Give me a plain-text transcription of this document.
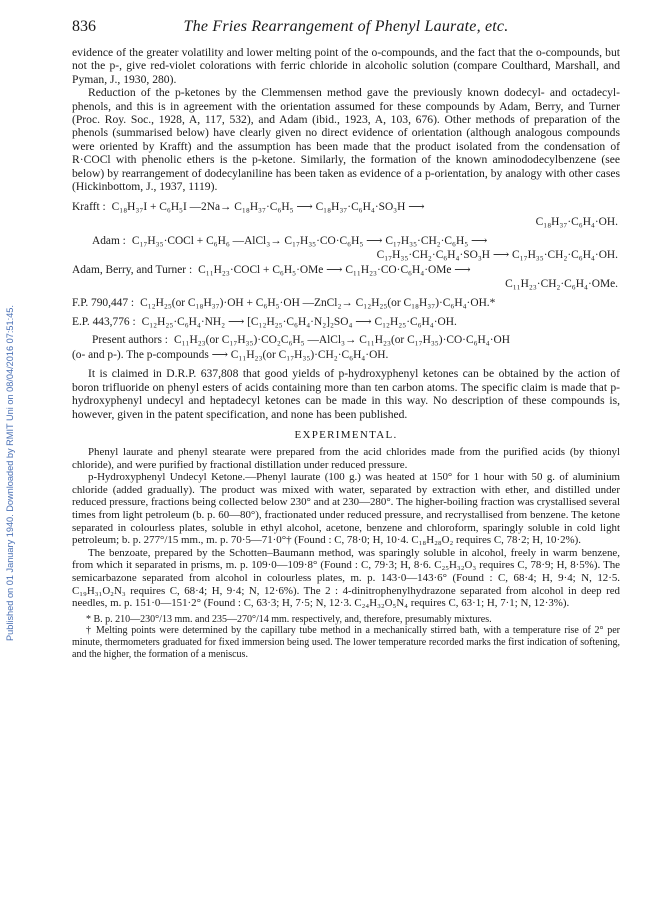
Published on 01 January 1940. Downloaded by RMIT Uni on 08/04/2016 07:51:45.
836	The Fries Rearrangement of Phenyl Laurate, etc.

evidence of the greater volatility and lower melting point of the o-compounds, and the fact that the o-compounds, but not the p-, give red-violet colorations with ferric chloride in alcoholic solution (compare Coulthard, Marshall, and Pyman, J., 1930, 280).

Reduction of the p-ketones by the Clemmensen method gave the previously known dodecyl- and octadecyl-phenols, and this is in agreement with the orientation assumed for these compounds by Adam, Berry, and Turner (Proc. Roy. Soc., 1928, A, 117, 532), and Adam (ibid., 1923, A, 103, 676). Other methods of preparation of the phenols (summarised below) have clearly given no direct evidence of orientation (although analogous compounds were oriented by Krafft) and the assumption has been made that the product isolated from the condensation of R·COCl with phenolic ethers is the p-ketone. Similarly, the formation of the known aminododecylbenzene (see below) by rearrangement of dodecylaniline has been taken as evidence of a p-orientation, by analogy with other cases (Hickinbottom, J., 1937, 1119).

Krafft : C₁₈H₃₇I + C₆H₅I —2Na→ C₁₈H₃₇·C₆H₅ ⟶ C₁₈H₃₇·C₆H₄·SO₃H ⟶
C₁₈H₃₇·C₆H₄·OH.
Adam : C₁₇H₃₅·COCl + C₆H₆ —AlCl₃→ C₁₇H₃₅·CO·C₆H₅ ⟶ C₁₇H₃₅·CH₂·C₆H₅ ⟶
C₁₇H₃₅·CH₂·C₆H₄·SO₃H ⟶ C₁₇H₃₅·CH₂·C₆H₄·OH.
Adam, Berry, and Turner : C₁₁H₂₃·COCl + C₆H₅·OMe ⟶ C₁₁H₂₃·CO·C₆H₄·OMe ⟶
C₁₁H₂₃·CH₂·C₆H₄·OMe.
F.P. 790,447 : C₁₂H₂₅(or C₁₈H₃₇)·OH + C₆H₅·OH —ZnCl₂→ C₁₂H₂₅(or C₁₈H₃₇)·C₆H₄·OH.*
E.P. 443,776 : C₁₂H₂₅·C₆H₄·NH₂ ⟶ [C₁₂H₂₅·C₆H₄·N₂]₂SO₄ ⟶ C₁₂H₂₅·C₆H₄·OH.
Present authors : C₁₁H₂₃(or C₁₇H₃₅)·CO₂C₆H₅ —AlCl₃→ C₁₁H₂₃(or C₁₇H₃₅)·CO·C₆H₄·OH
(o- and p-). The p-compounds ⟶ C₁₁H₂₃(or C₁₇H₃₅)·CH₂·C₆H₄·OH.

It is claimed in D.R.P. 637,808 that good yields of p-hydroxyphenyl ketones can be obtained by the action of boron trifluoride on phenyl esters of acids containing more than ten carbon atoms. The specific claim is made that p-hydroxyphenyl undecyl and heptadecyl ketones can be made in this way. No description of these compounds is, however, given in the patent specification, and none has been published.

EXPERIMENTAL.

Phenyl laurate and phenyl stearate were prepared from the acid chlorides made from the purified acids (by thionyl chloride), and were purified by fractional distillation under reduced pressure.

p-Hydroxyphenyl Undecyl Ketone.—Phenyl laurate (100 g.) was heated at 150° for 1 hour with 50 g. of aluminium chloride (added gradually). The product was mixed with water, separated by extraction with ether, and distilled under reduced pressure, fractions being collected below 230° and at 230—280°. The higher-boiling fraction was crystallised several times from light petroleum (b. p. 60—80°), fractionated under reduced pressure, and recrystallised from benzene. The ketone separated in colourless plates, soluble in ethyl alcohol, acetone, benzene and chloroform, sparingly soluble in cold light petroleum; b. p. 277°/15 mm., m. p. 70·5—71·0°† (Found : C, 78·0; H, 10·4. C₁₈H₂₈O₂ requires C, 78·2; H, 10·2%).

The benzoate, prepared by the Schotten–Baumann method, was sparingly soluble in alcohol, freely in warm benzene, from which it separated in prisms, m. p. 109·0—109·8° (Found : C, 79·3; H, 8·6. C₂₅H₃₂O₃ requires C, 78·9; H, 8·5%). The semicarbazone separated from alcohol in colourless plates, m. p. 143·0—143·6° (Found : C, 68·4; H, 9·4; N, 12·5. C₁₉H₃₁O₂N₃ requires C, 68·4; H, 9·4; N, 12·6%). The 2 : 4-dinitrophenylhydrazone separated from alcohol in deep red needles, m. p. 151·0—151·2° (Found : C, 63·3; H, 7·5; N, 12·3. C₂₄H₃₂O₅N₄ requires C, 63·1; H, 7·1; N, 12·3%).

* B. p. 210—230°/13 mm. and 235—270°/14 mm. respectively, and, therefore, presumably mixtures.

† Melting points were determined by the capillary tube method in a mechanically stirred bath, with a temperature rise of 2° per minute, thermometers graduated for fixed immersion being used. The lower temperature recorded marks the first indication of softening, and the higher, the formation of a meniscus.
